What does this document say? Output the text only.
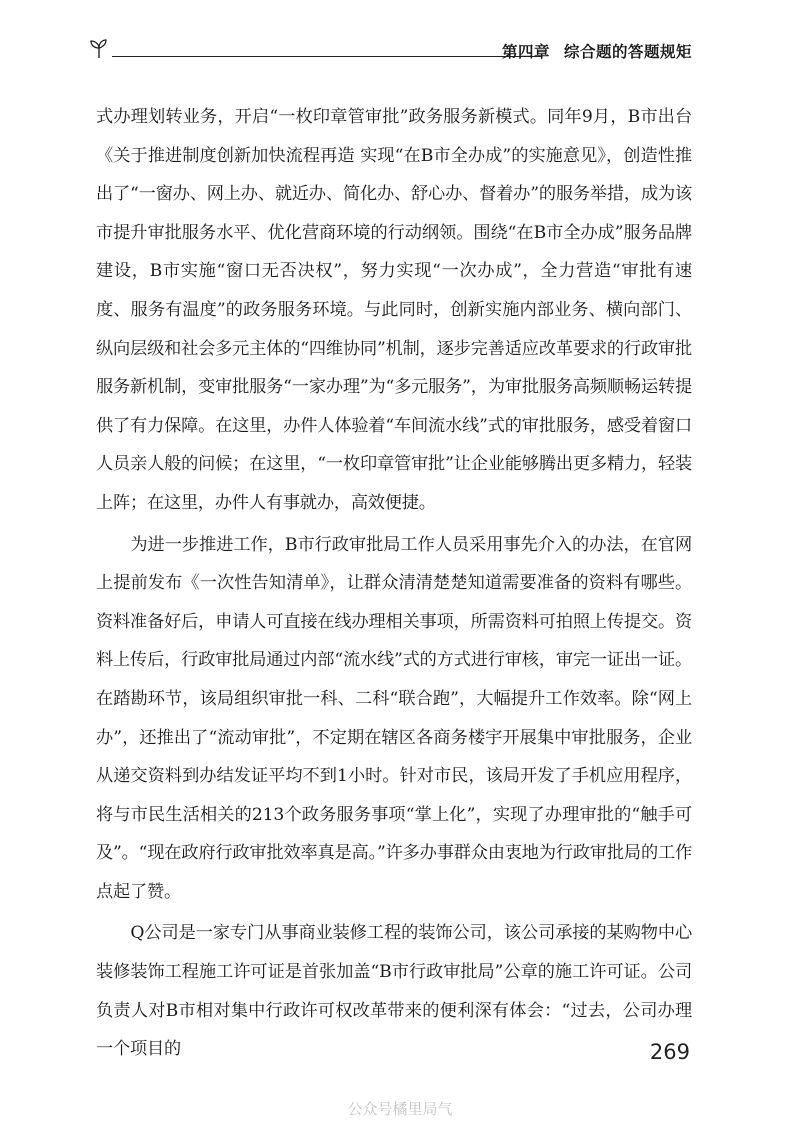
第四章 综合题的答题规矩

式办理划转业务，开启“一枚印章管审批”政务服务新模式。同年9月，B市出台《关于推进制度创新加快流程再造 实现“在B市全办成”的实施意见》，创造性推出了“一窗办、网上办、就近办、简化办、舒心办、督着办”的服务举措，成为该市提升审批服务水平、优化营商环境的行动纲领。围绕“在B市全办成”服务品牌建设，B市实施“窗口无否决权”，努力实现“一次办成”，全力营造“审批有速度、服务有温度”的政务服务环境。与此同时，创新实施内部业务、横向部门、纵向层级和社会多元主体的“四维协同”机制，逐步完善适应改革要求的行政审批服务新机制，变审批服务“一家办理”为“多元服务”，为审批服务高频顺畅运转提供了有力保障。在这里，办件人体验着“车间流水线”式的审批服务，感受着窗口人员亲人般的问候；在这里，“一枚印章管审批”让企业能够腾出更多精力，轻装上阵；在这里，办件人有事就办，高效便捷。

为进一步推进工作，B市行政审批局工作人员采用事先介入的办法，在官网上提前发布《一次性告知清单》，让群众清清楚楚知道需要准备的资料有哪些。资料准备好后，申请人可直接在线办理相关事项，所需资料可拍照上传提交。资料上传后，行政审批局通过内部“流水线”式的方式进行审核，审完一证出一证。在踏勘环节，该局组织审批一科、二科“联合跑”，大幅提升工作效率。除“网上办”，还推出了“流动审批”，不定期在辖区各商务楼宇开展集中审批服务，企业从递交资料到办结发证平均不到1小时。针对市民，该局开发了手机应用程序，将与市民生活相关的213个政务服务事项“掌上化”，实现了办理审批的“触手可及”。“现在政府行政审批效率真是高。”许多办事群众由衷地为行政审批局的工作点起了赞。

Q公司是一家专门从事商业装修工程的装饰公司，该公司承接的某购物中心装修装饰工程施工许可证是首张加盖“B市行政审批局”公章的施工许可证。公司负责人对B市相对集中行政许可权改革带来的便利深有体会：“过去，公司办理一个项目的	269
公众号橘里局气
